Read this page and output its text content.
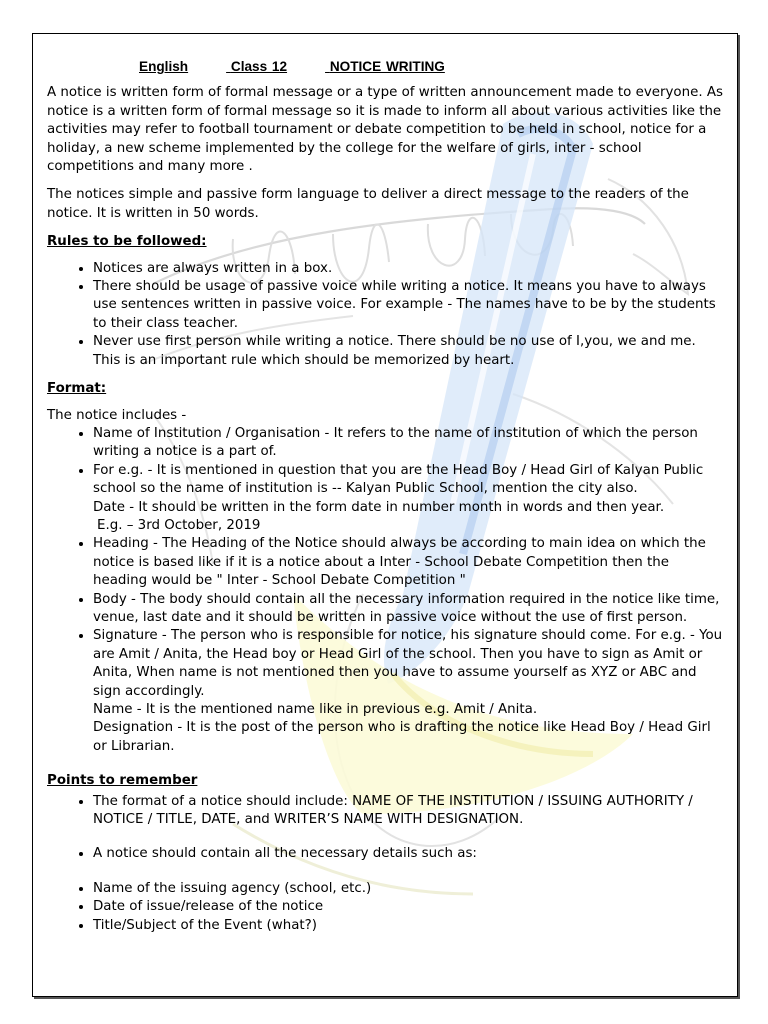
English	Class 12	NOTICE WRITING

A notice is written form of formal message or a type of written announcement made to everyone. As notice is a written form of formal message so it is made to inform all about various activities like the activities may refer to football tournament or debate competition to be held in school, notice for a holiday, a new scheme implemented by the college for the welfare of girls, inter - school competitions and many more .

The notices simple and passive form language to deliver a direct message to the readers of the notice. It is written in 50 words.

Rules to be followed:
• Notices are always written in a box.
• There should be usage of passive voice while writing a notice. It means you have to always use sentences written in passive voice. For example - The names have to be by the students to their class teacher.
• Never use first person while writing a notice. There should be no use of I,you, we and me. This is an important rule which should be memorized by heart.
Format:
The notice includes -
• Name of Institution / Organisation - It refers to the name of institution of which the person writing a notice is a part of.
• For e.g. - It is mentioned in question that you are the Head Boy / Head Girl of Kalyan Public school so the name of institution is -- Kalyan Public School, mention the city also.
Date - It should be written in the form date in number month in words and then year.

E.g. – 3rd October, 2019
• Heading - The Heading of the Notice should always be according to main idea on which the notice is based like if it is a notice about a Inter - School Debate Competition then the heading would be " Inter - School Debate Competition "
• Body - The body should contain all the necessary information required in the notice like time, venue, last date and it should be written in passive voice without the use of first person.
• Signature - The person who is responsible for notice, his signature should come. For e.g. - You are Amit / Anita, the Head boy or Head Girl of the school. Then you have to sign as Amit or Anita, When name is not mentioned then you have to assume yourself as XYZ or ABC and sign accordingly.
Name - It is the mentioned name like in previous e.g. Amit / Anita.
Designation - It is the post of the person who is drafting the notice like Head Boy / Head Girl or Librarian.
Points to remember
• The format of a notice should include: NAME OF THE INSTITUTION / ISSUING AUTHORITY / NOTICE / TITLE, DATE, and WRITER’S NAME WITH DESIGNATION.
• A notice should contain all the necessary details such as:
• Name of the issuing agency (school, etc.)
• Date of issue/release of the notice
• Title/Subject of the Event (what?)
